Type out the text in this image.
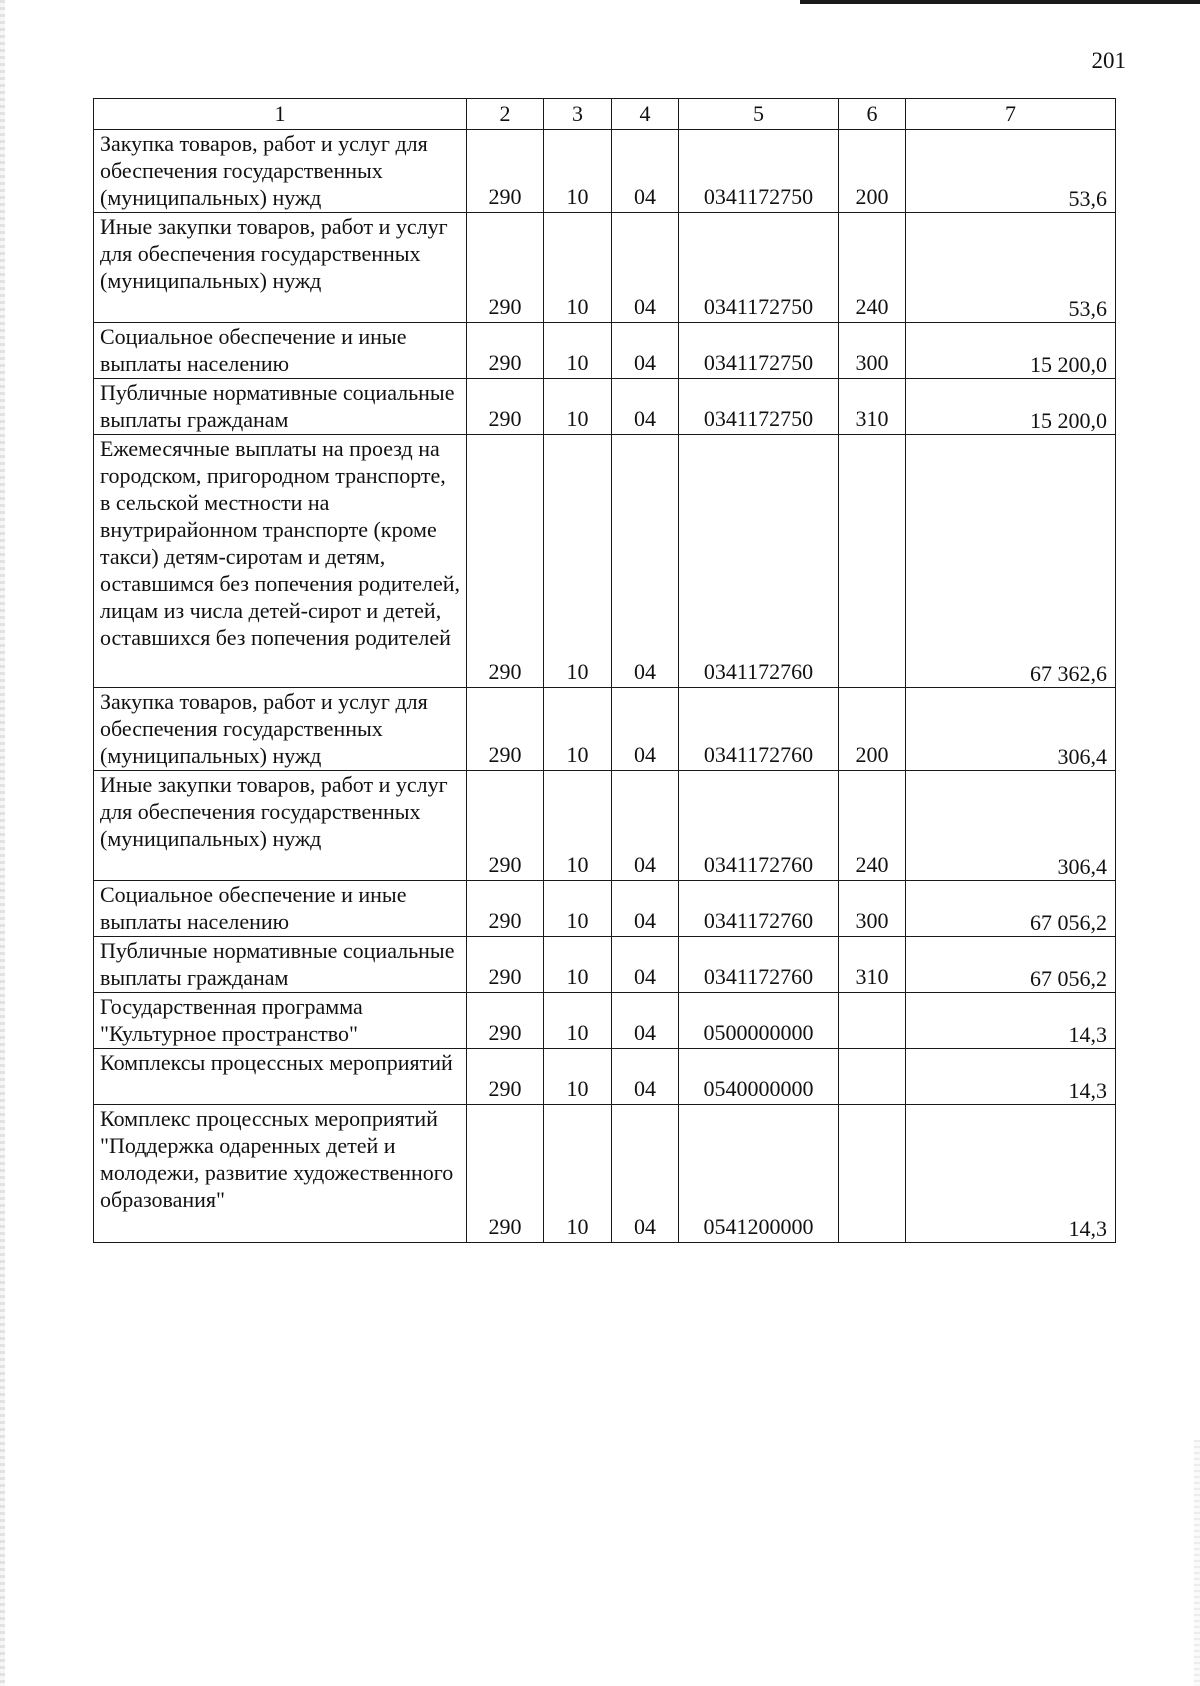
201
1	2	3	4	5	6	7
Закупка товаров, работ и услуг для обеспечения государственных (муниципальных) нужд	290	10	04	0341172750	200	53,6
Иные закупки товаров, работ и услуг для обеспечения государственных (муниципальных) нужд	290	10	04	0341172750	240	53,6
Социальное обеспечение и иные выплаты населению	290	10	04	0341172750	300	15 200,0
Публичные нормативные социальные выплаты гражданам	290	10	04	0341172750	310	15 200,0
Ежемесячные выплаты на проезд на городском, пригородном транспорте, в сельской местности на внутрирайонном транспорте (кроме такси) детям-сиротам и детям, оставшимся без попечения родителей, лицам из числа детей-сирот и детей, оставшихся без попечения родителей	290	10	04	0341172760		67 362,6
Закупка товаров, работ и услуг для обеспечения государственных (муниципальных) нужд	290	10	04	0341172760	200	306,4
Иные закупки товаров, работ и услуг для обеспечения государственных (муниципальных) нужд	290	10	04	0341172760	240	306,4
Социальное обеспечение и иные выплаты населению	290	10	04	0341172760	300	67 056,2
Публичные нормативные социальные выплаты гражданам	290	10	04	0341172760	310	67 056,2
Государственная программа "Культурное пространство"	290	10	04	0500000000		14,3
Комплексы процессных мероприятий	290	10	04	0540000000		14,3
Комплекс процессных мероприятий "Поддержка одаренных детей и молодежи, развитие художественного образования"	290	10	04	0541200000		14,3
